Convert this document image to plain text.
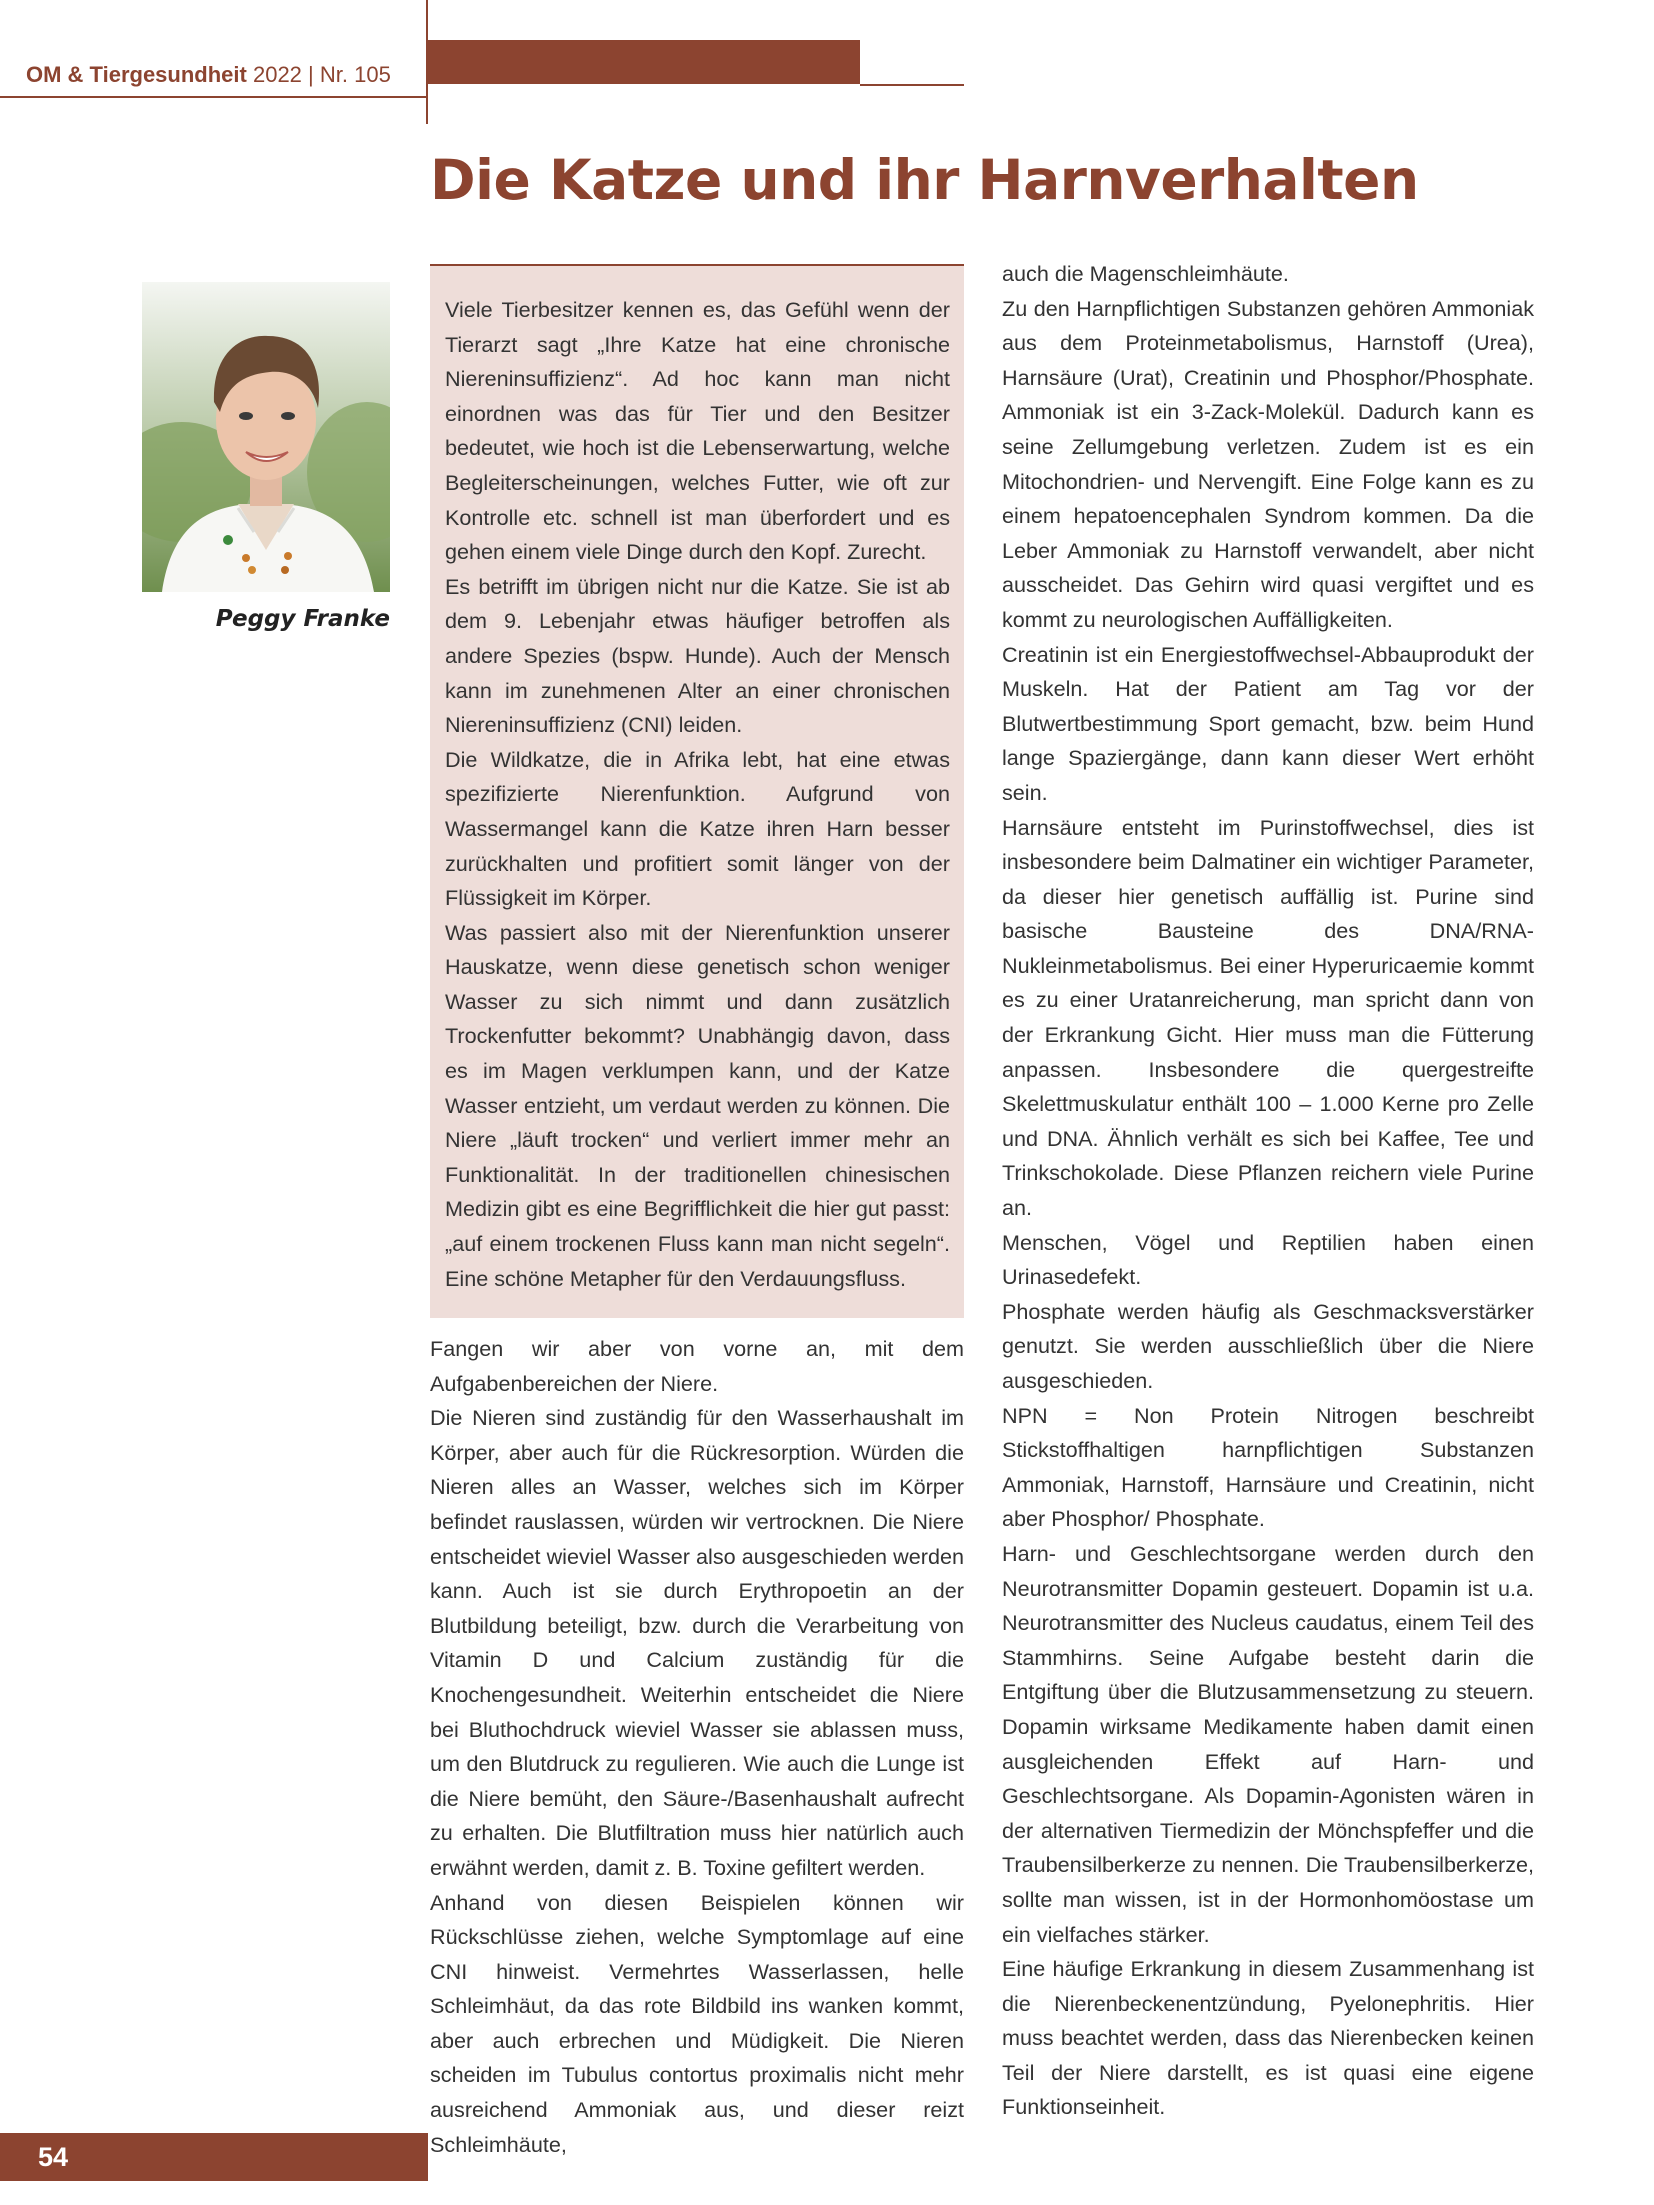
OM & Tiergesundheit 2022 | Nr. 105
Die Katze und ihr Harnverhalten
Peggy Franke

Viele Tierbesitzer kennen es, das Gefühl wenn der Tierarzt sagt „Ihre Katze hat eine chronische Niereninsuffizienz“. Ad hoc kann man nicht einordnen was das für Tier und den Besitzer bedeutet, wie hoch ist die Lebenserwartung, welche Begleiterscheinungen, welches Futter, wie oft zur Kontrolle etc. schnell ist man überfordert und es gehen einem viele Dinge durch den Kopf. Zurecht.

Es betrifft im übrigen nicht nur die Katze. Sie ist ab dem 9. Lebenjahr etwas häufiger betroffen als andere Spezies (bspw. Hunde). Auch der Mensch kann im zunehmenen Alter an einer chronischen Niereninsuffizienz (CNI) leiden.

Die Wildkatze, die in Afrika lebt, hat eine etwas spezifizierte Nierenfunktion. Aufgrund von Wassermangel kann die Katze ihren Harn besser zurückhalten und profitiert somit länger von der Flüssigkeit im Körper.

Was passiert also mit der Nierenfunktion unserer Hauskatze, wenn diese genetisch schon weniger Wasser zu sich nimmt und dann zusätzlich Trockenfutter bekommt? Unabhängig davon, dass es im Magen verklumpen kann, und der Katze Wasser entzieht, um verdaut werden zu können. Die Niere „läuft trocken“ und verliert immer mehr an Funktionalität. In der traditionellen chinesischen Medizin gibt es eine Begrifflichkeit die hier gut passt: „auf einem trockenen Fluss kann man nicht segeln“. Eine schöne Metapher für den Verdauungsfluss.

Fangen wir aber von vorne an, mit dem Aufgabenbereichen der Niere.

Die Nieren sind zuständig für den Wasserhaushalt im Körper, aber auch für die Rückresorption. Würden die Nieren alles an Wasser, welches sich im Körper befindet rauslassen, würden wir vertrocknen. Die Niere entscheidet wieviel Wasser also ausgeschieden werden kann. Auch ist sie durch Erythropoetin an der Blutbildung beteiligt, bzw. durch die Verarbeitung von Vitamin D und Calcium zuständig für die Knochengesundheit. Weiterhin entscheidet die Niere bei Bluthochdruck wieviel Wasser sie ablassen muss, um den Blutdruck zu regulieren. Wie auch die Lunge ist die Niere bemüht, den Säure-/Basenhaushalt aufrecht zu erhalten. Die Blutfiltration muss hier natürlich auch erwähnt werden, damit z. B. Toxine gefiltert werden.

Anhand von diesen Beispielen können wir Rückschlüsse ziehen, welche Symptomlage auf eine CNI hinweist. Vermehrtes Wasserlassen, helle Schleimhäut, da das rote Bildbild ins wanken kommt, aber auch erbrechen und Müdigkeit. Die Nieren scheiden im Tubulus contortus proximalis nicht mehr ausreichend Ammoniak aus, und dieser reizt Schleimhäute,

auch die Magenschleimhäute.

Zu den Harnpflichtigen Substanzen gehören Ammoniak aus dem Proteinmetabolismus, Harnstoff (Urea), Harnsäure (Urat), Creatinin und Phosphor/Phosphate. Ammoniak ist ein 3-Zack-Molekül. Dadurch kann es seine Zellumgebung verletzen. Zudem ist es ein Mitochondrien- und Nervengift. Eine Folge kann es zu einem hepatoencephalen Syndrom kommen. Da die Leber Ammoniak zu Harnstoff verwandelt, aber nicht ausscheidet. Das Gehirn wird quasi vergiftet und es kommt zu neurologischen Auffälligkeiten.

Creatinin ist ein Energiestoffwechsel-Abbauprodukt der Muskeln. Hat der Patient am Tag vor der Blutwertbestimmung Sport gemacht, bzw. beim Hund lange Spaziergänge, dann kann dieser Wert erhöht sein.

Harnsäure entsteht im Purinstoffwechsel, dies ist insbesondere beim Dalmatiner ein wichtiger Parameter, da dieser hier genetisch auffällig ist. Purine sind basische Bausteine des DNA/RNA-Nukleinmetabolismus. Bei einer Hyperuricaemie kommt es zu einer Uratanreicherung, man spricht dann von der Erkrankung Gicht. Hier muss man die Fütterung anpassen. Insbesondere die quergestreifte Skelettmuskulatur enthält 100 – 1.000 Kerne pro Zelle und DNA. Ähnlich verhält es sich bei Kaffee, Tee und Trinkschokolade. Diese Pflanzen reichern viele Purine an.

Menschen, Vögel und Reptilien haben einen Urinasedefekt.

Phosphate werden häufig als Geschmacksverstärker genutzt. Sie werden ausschließlich über die Niere ausgeschieden.

NPN = Non Protein Nitrogen beschreibt Stickstoffhaltigen harnpflichtigen Substanzen Ammoniak, Harnstoff, Harnsäure und Creatinin, nicht aber Phosphor/ Phosphate.

Harn- und Geschlechtsorgane werden durch den Neurotransmitter Dopamin gesteuert. Dopamin ist u.a. Neurotransmitter des Nucleus caudatus, einem Teil des Stammhirns. Seine Aufgabe besteht darin die Entgiftung über die Blutzusammensetzung zu steuern. Dopamin wirksame Medikamente haben damit einen ausgleichenden Effekt auf Harn- und Geschlechtsorgane. Als Dopamin-Agonisten wären in der alternativen Tiermedizin der Mönchspfeffer und die Traubensilberkerze zu nennen. Die Traubensilberkerze, sollte man wissen, ist in der Hormonhomöostase um ein vielfaches stärker.

Eine häufige Erkrankung in diesem Zusammenhang ist die Nierenbeckenentzündung, Pyelonephritis. Hier muss beachtet werden, dass das Nierenbecken keinen Teil der Niere darstellt, es ist quasi eine eigene Funktionseinheit.

54
